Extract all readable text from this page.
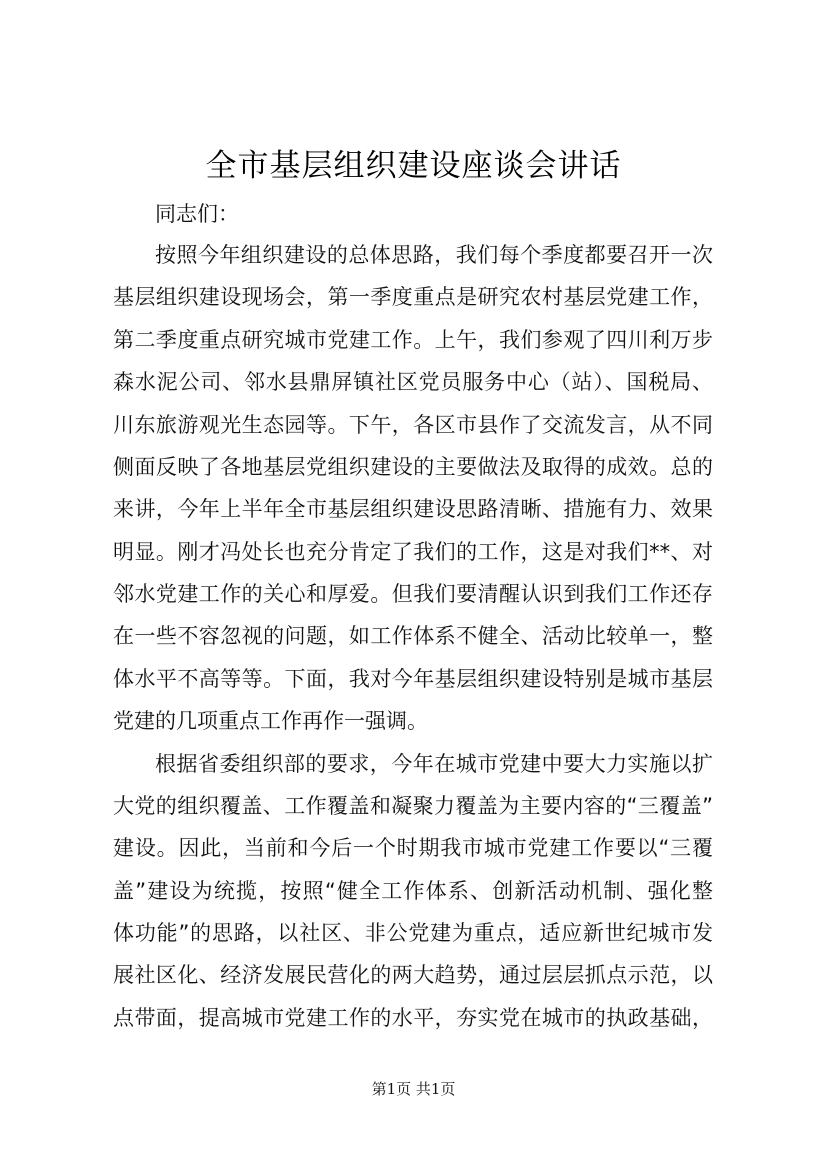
全市基层组织建设座谈会讲话
同志们：
按照今年组织建设的总体思路，我们每个季度都要召开一次
基层组织建设现场会，第一季度重点是研究农村基层党建工作，
第二季度重点研究城市党建工作。上午，我们参观了四川利万步
森水泥公司、邻水县鼎屏镇社区党员服务中心（站）、国税局、
川东旅游观光生态园等。下午，各区市县作了交流发言，从不同
侧面反映了各地基层党组织建设的主要做法及取得的成效。总的
来讲，今年上半年全市基层组织建设思路清晰、措施有力、效果
明显。刚才冯处长也充分肯定了我们的工作，这是对我们**、对
邻水党建工作的关心和厚爱。但我们要清醒认识到我们工作还存
在一些不容忽视的问题，如工作体系不健全、活动比较单一，整
体水平不高等等。下面，我对今年基层组织建设特别是城市基层
党建的几项重点工作再作一强调。
根据省委组织部的要求，今年在城市党建中要大力实施以扩
大党的组织覆盖、工作覆盖和凝聚力覆盖为主要内容的“三覆盖”
建设。因此，当前和今后一个时期我市城市党建工作要以“三覆
盖”建设为统揽，按照“健全工作体系、创新活动机制、强化整
体功能”的思路，以社区、非公党建为重点，适应新世纪城市发
展社区化、经济发展民营化的两大趋势，通过层层抓点示范，以
点带面，提高城市党建工作的水平，夯实党在城市的执政基础，
第1页 共1页
